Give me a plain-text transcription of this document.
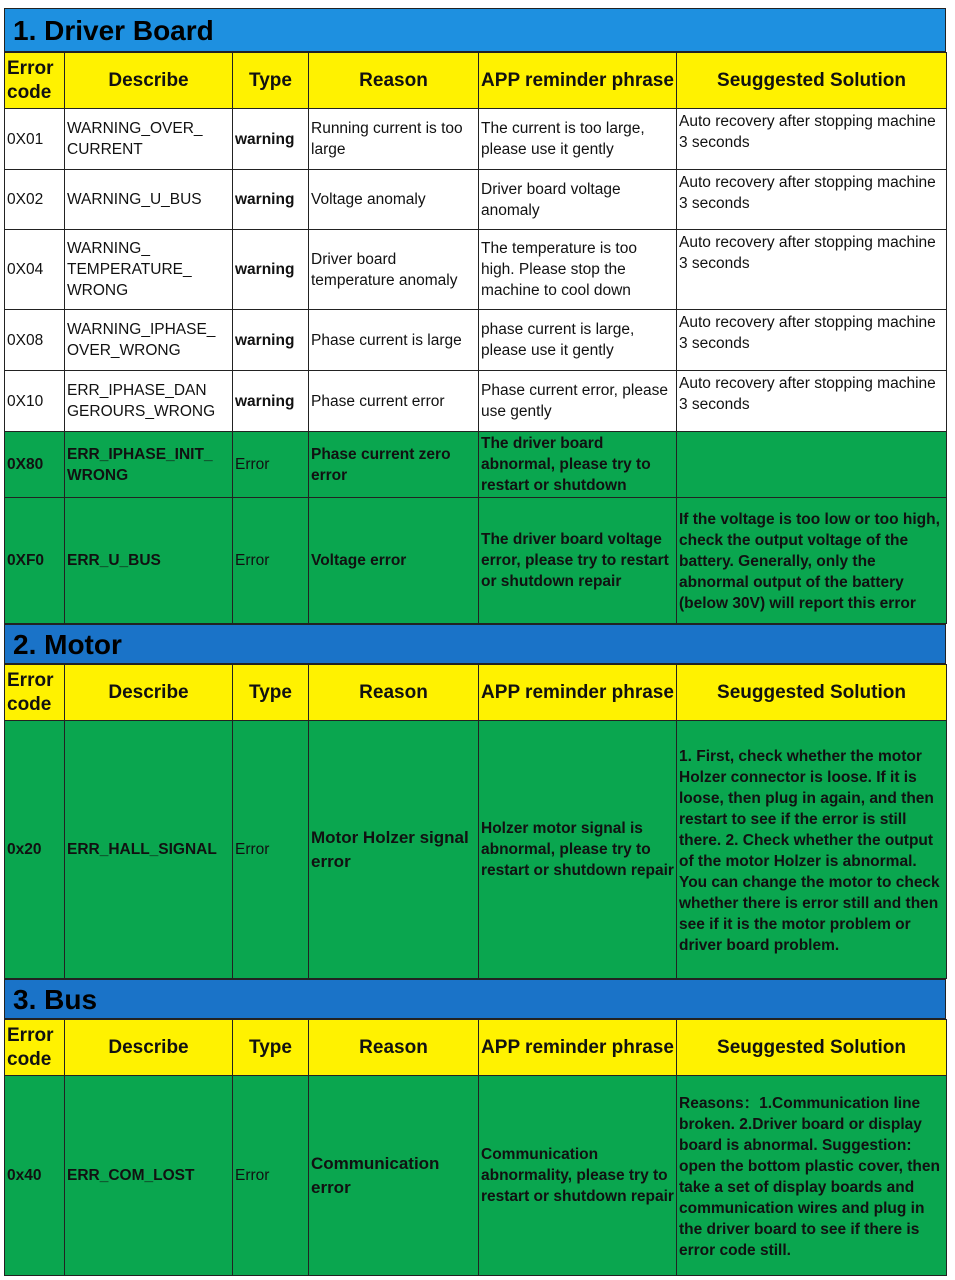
1. Driver Board
Error code	Describe	Type	Reason	APP reminder phrase	Seuggested Solution
0X01	WARNING_OVER_ CURRENT	warning	Running current is too large	The current is too large, please use it gently	Auto recovery after stopping machine 3 seconds
0X02	WARNING_U_BUS	warning	Voltage anomaly	Driver board voltage anomaly	Auto recovery after stopping machine 3 seconds
0X04	WARNING_ TEMPERATURE_ WRONG	warning	Driver board temperature anomaly	The temperature is too high. Please stop the machine to cool down	Auto recovery after stopping machine 3 seconds
0X08	WARNING_IPHASE_ OVER_WRONG	warning	Phase current is large	phase current is large, please use it gently	Auto recovery after stopping machine 3 seconds
0X10	ERR_IPHASE_DAN GEROURS_WRONG	warning	Phase current error	Phase current error, please use gently	Auto recovery after stopping machine 3 seconds
0X80	ERR_IPHASE_INIT_ WRONG	Error	Phase current zero error	The driver board abnormal, please try to restart or shutdown	
0XF0	ERR_U_BUS	Error	Voltage error	The driver board voltage error, please try to restart or shutdown repair	If the voltage is too low or too high, check the output voltage of the battery. Generally, only the abnormal output of the battery (below 30V) will report this error
2. Motor
Error code	Describe	Type	Reason	APP reminder phrase	Seuggested Solution
0x20	ERR_HALL_SIGNAL	Error	Motor Holzer signal error	Holzer motor signal is abnormal, please try to restart or shutdown repair	1. First, check whether the motor Holzer connector is loose. If it is loose, then plug in again, and then restart to see if the error is still there. 2. Check whether the output of the motor Holzer is abnormal. You can change the motor to check whether there is error still and then see if it is the motor problem or driver board problem.
3. Bus
Error code	Describe	Type	Reason	APP reminder phrase	Seuggested Solution
0x40	ERR_COM_LOST	Error	Communication error	Communication abnormality, please try to restart or shutdown repair	Reasons：1.Communication line broken. 2.Driver board or display board is abnormal. Suggestion: open the bottom plastic cover, then take a set of display boards and communication wires and plug in the driver board to see if there is error code still.
